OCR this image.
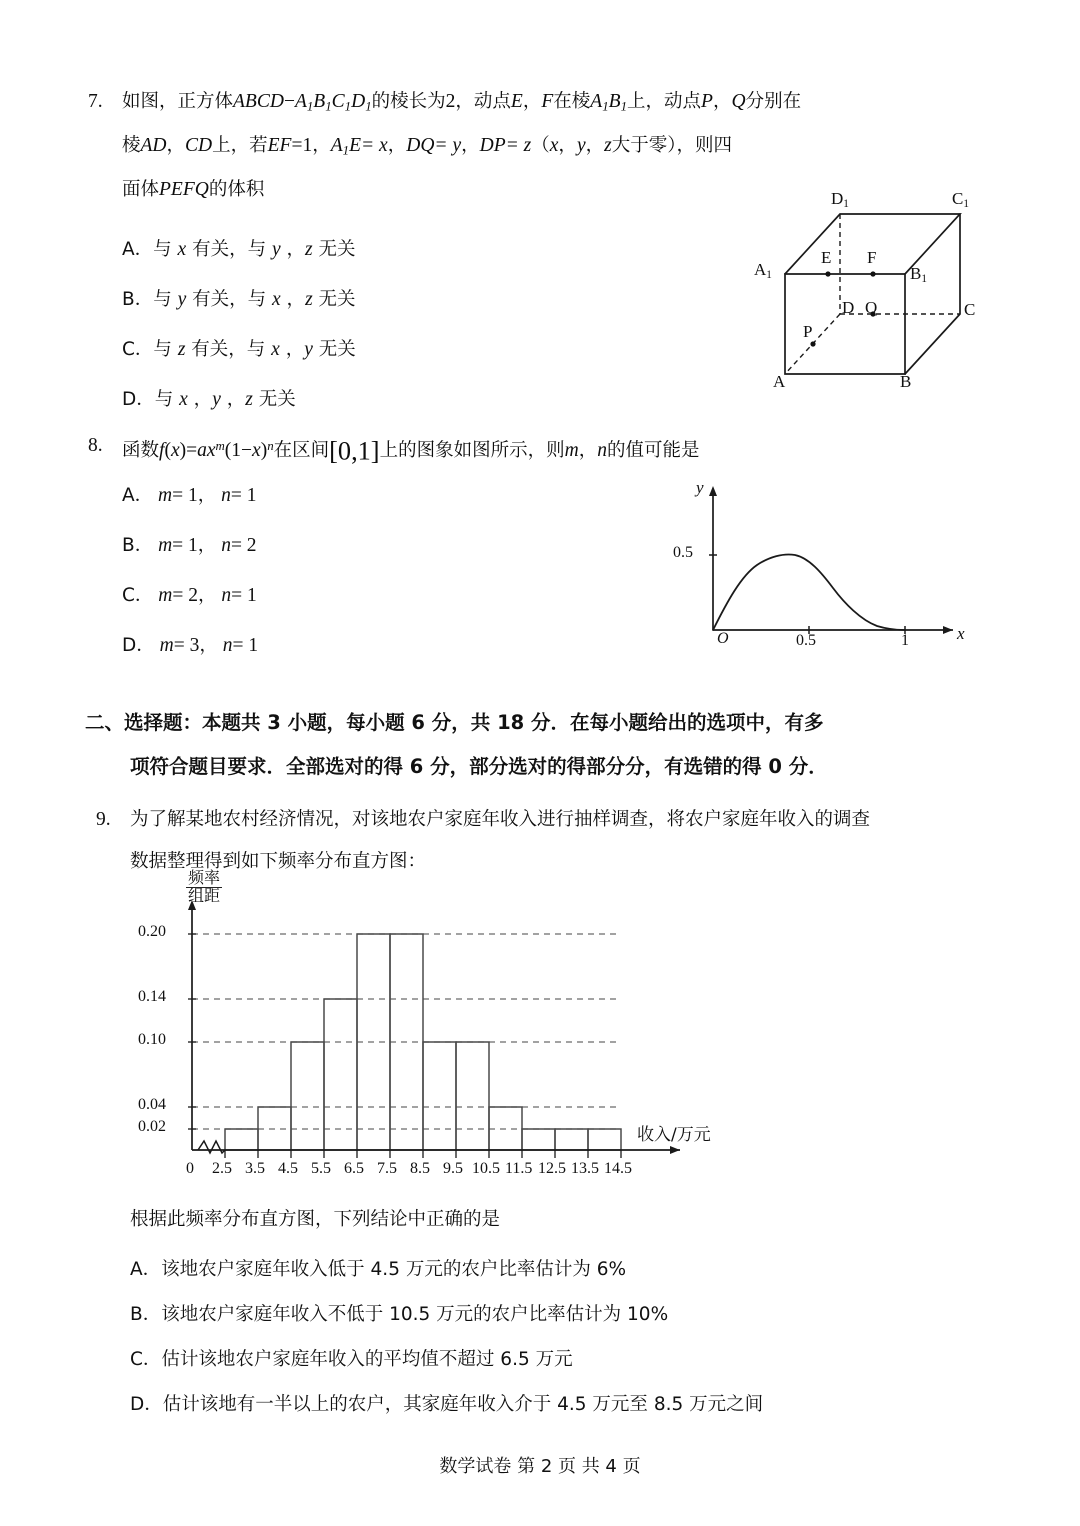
7. 如图，正方体$ABCD-A_1B_1C_1D_1$的棱长为2，动点E，F在棱$A_1B_1$上，动点P，Q分别在
棱AD，CD上，若EF=1，$A_1E= x$，DQ= y，DP= z（x，y，z大于零），则四
面体PEFQ的体积
A．与 x 有关，与 y ，z 无关
B．与 y 有关，与 x ，z 无关
C．与 z 有关，与 x ，y 无关
D．与 x ，y ，z 无关
$D_1$	$C_1$
$A_1$	$B_1$
C
D Q
P
E F
A	B
8. 函数$f(x)=ax^m(1-x)^n$在区间[0,1]上的图象如图所示，则m，n的值可能是
A． m= 1， n= 1
B． m= 1， n= 2
C． m= 2， n= 1
D． m= 3， n= 1
y
x
O
0.5
0.5	1
二、选择题：本题共 3 小题，每小题 6 分，共 18 分．在每小题给出的选项中，有多
项符合题目要求．全部选对的得 6 分，部分选对的得部分分，有选错的得 0 分．
9. 为了解某地农村经济情况，对该地农户家庭年收入进行抽样调查，将农户家庭年收入的调查
数据整理得到如下频率分布直方图：
$\frac{\text{频率}}{\text{组距}}$
收入/万元
0.20
0.14
0.10
0.04
0.02
0 2.5 3.5 4.5 5.5 6.5 7.5 8.5 9.5 10.5 11.5 12.5 13.5 14.5
根据此频率分布直方图，下列结论中正确的是
A．该地农户家庭年收入低于 4.5 万元的农户比率估计为 6%
B．该地农户家庭年收入不低于 10.5 万元的农户比率估计为 10%
C．估计该地农户家庭年收入的平均值不超过 6.5 万元
D．估计该地有一半以上的农户，其家庭年收入介于 4.5 万元至 8.5 万元之间
数学试卷 第 2 页 共 4 页
